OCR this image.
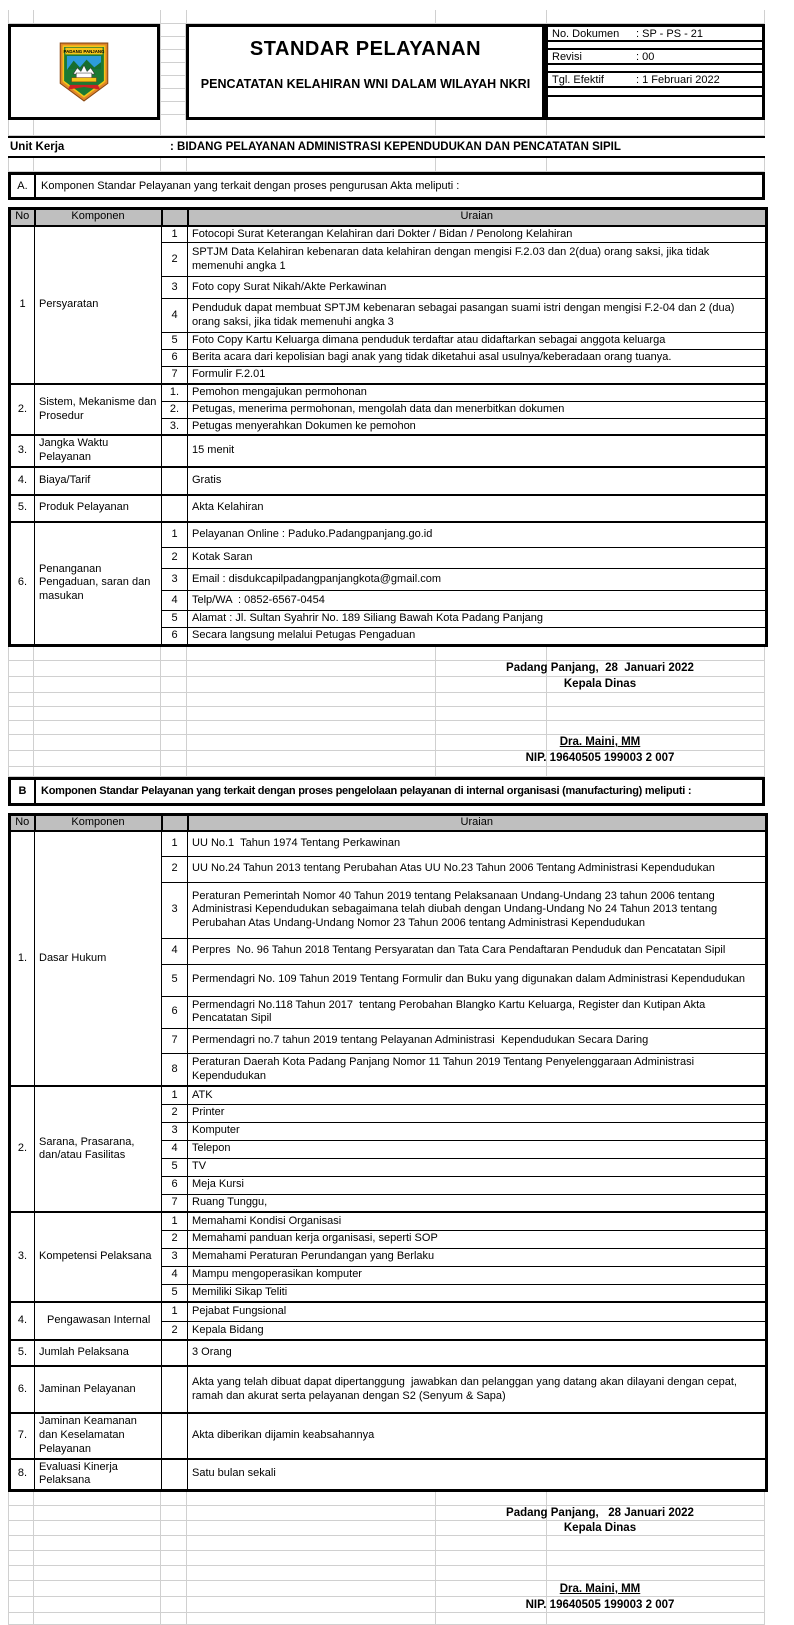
PADANG PANJANG	STANDAR PELAYANAN
PENCATATAN KELAHIRAN WNI DALAM WILAYAH NKRI
No. Dokumen : SP - PS - 21
Revisi	: 00
Tgl. Efektif	: 1 Februari 2022
Unit Kerja	: BIDANG PELAYANAN ADMINISTRASI KEPENDUDUKAN DAN PENCATATAN SIPIL
A.	Komponen Standar Pelayanan yang terkait dengan proses pengurusan Akta meliputi :
No	Komponen		Uraian
1	Persyaratan	1	Fotocopi Surat Keterangan Kelahiran dari Dokter / Bidan / Penolong Kelahiran
		2	SPTJM Data Kelahiran kebenaran data kelahiran dengan mengisi F.2.03 dan 2(dua) orang saksi, jika tidak memenuhi angka 1
		3	Foto copy Surat Nikah/Akte Perkawinan
		4	Penduduk dapat membuat SPTJM kebenaran sebagai pasangan suami istri dengan mengisi F.2-04 dan 2 (dua) orang saksi, jika tidak memenuhi angka 3
		5	Foto Copy Kartu Keluarga dimana penduduk terdaftar atau didaftarkan sebagai anggota keluarga
		6	Berita acara dari kepolisian bagi anak yang tidak diketahui asal usulnya/keberadaan orang tuanya.
		7	Formulir F.2.01
2.	Sistem, Mekanisme dan Prosedur	1.	Pemohon mengajukan permohonan
		2.	Petugas, menerima permohonan, mengolah data dan menerbitkan dokumen
		3.	Petugas menyerahkan Dokumen ke pemohon
3.	Jangka Waktu Pelayanan		15 menit
4.	Biaya/Tarif		Gratis
5.	Produk Pelayanan		Akta Kelahiran
6.	Penanganan Pengaduan, saran dan masukan	1	Pelayanan Online : Paduko.Padangpanjang.go.id
		2	Kotak Saran
		3	Email : disdukcapilpadangpanjangkota@gmail.com
		4	Telp/WA  : 0852-6567-0454
		5	Alamat : Jl. Sultan Syahrir No. 189 Siliang Bawah Kota Padang Panjang
		6	Secara langsung melalui Petugas Pengaduan
Padang Panjang,  28  Januari 2022
Kepala Dinas
Dra. Maini, MM
NIP. 19640505 199003 2 007
B	Komponen Standar Pelayanan yang terkait dengan proses pengelolaan pelayanan di internal organisasi (manufacturing) meliputi :
No	Komponen		Uraian
1.	Dasar Hukum	1	UU No.1  Tahun 1974 Tentang Perkawinan
		2	UU No.24 Tahun 2013 tentang Perubahan Atas UU No.23 Tahun 2006 Tentang Administrasi Kependudukan
		3	Peraturan Pemerintah Nomor 40 Tahun 2019 tentang Pelaksanaan Undang-Undang 23 tahun 2006 tentang Administrasi Kependudukan sebagaimana telah diubah dengan Undang-Undang No 24 Tahun 2013 tentang Perubahan Atas Undang-Undang Nomor 23 Tahun 2006 tentang Administrasi Kependudukan
		4	Perpres  No. 96 Tahun 2018 Tentang Persyaratan dan Tata Cara Pendaftaran Penduduk dan Pencatatan Sipil
		5	Permendagri No. 109 Tahun 2019 Tentang Formulir dan Buku yang digunakan dalam Administrasi Kependudukan
		6	Permendagri No.118 Tahun 2017  tentang Perobahan Blangko Kartu Keluarga, Register dan Kutipan Akta Pencatatan Sipil
		7	Permendagri no.7 tahun 2019 tentang Pelayanan Administrasi  Kependudukan Secara Daring
		8	Peraturan Daerah Kota Padang Panjang Nomor 11 Tahun 2019 Tentang Penyelenggaraan Administrasi Kependudukan
2.	Sarana, Prasarana, dan/atau Fasilitas	1	ATK
		2	Printer
		3	Komputer
		4	Telepon
		5	TV
		6	Meja Kursi
		7	Ruang Tunggu,
3.	Kompetensi Pelaksana	1	Memahami Kondisi Organisasi
		2	Memahami panduan kerja organisasi, seperti SOP
		3	Memahami Peraturan Perundangan yang Berlaku
		4	Mampu mengoperasikan komputer
		5	Memiliki Sikap Teliti
4.	Pengawasan Internal	1	Pejabat Fungsional
		2	Kepala Bidang
5.	Jumlah Pelaksana		3 Orang
6.	Jaminan Pelayanan		Akta yang telah dibuat dapat dipertanggung  jawabkan dan pelanggan yang datang akan dilayani dengan cepat, ramah dan akurat serta pelayanan dengan S2 (Senyum & Sapa)
7.	Jaminan Keamanan dan Keselamatan Pelayanan		Akta diberikan dijamin keabsahannya
8.	Evaluasi Kinerja Pelaksana		Satu bulan sekali
Padang Panjang,   28 Januari 2022
Kepala Dinas
Dra. Maini, MM
NIP. 19640505 199003 2 007
